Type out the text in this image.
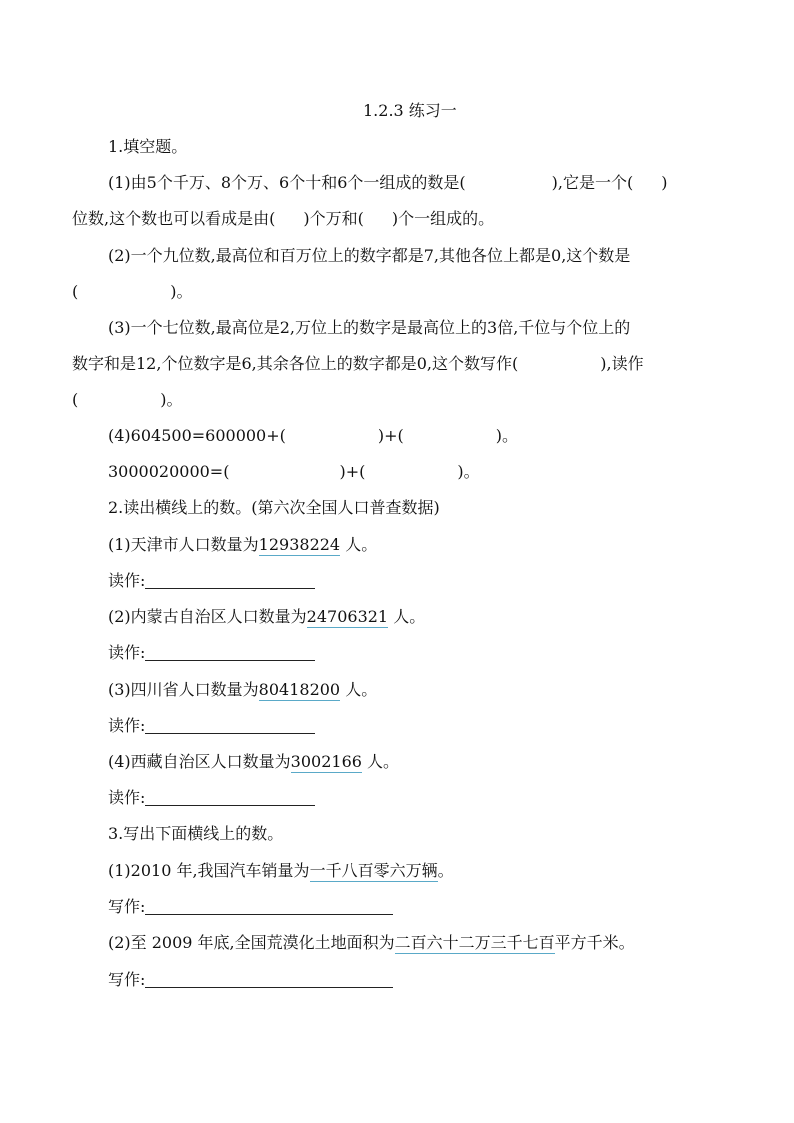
1.2.3 练习一
1.填空题。
(1)由5个千万、8个万、6个十和6个一组成的数是(	),它是一个( )
位数,这个数也可以看成是由( )个万和( )个一组成的。
(2)一个九位数,最高位和百万位上的数字都是7,其他各位上都是0,这个数是
(	)。
(3)一个七位数,最高位是2,万位上的数字是最高位上的3倍,千位与个位上的
数字和是12,个位数字是6,其余各位上的数字都是0,这个数写作(	),读作
(	)。
(4)604500=600000+(	)+(	)。
3000020000=(	)+(	)。
2.读出横线上的数。(第六次全国人口普查数据)
(1)天津市人口数量为12938224 人。
读作:
(2)内蒙古自治区人口数量为24706321 人。
读作:
(3)四川省人口数量为80418200 人。
读作:
(4)西藏自治区人口数量为3002166 人。
读作:
3.写出下面横线上的数。
(1)2010 年,我国汽车销量为一千八百零六万辆。
写作:
(2)至 2009 年底,全国荒漠化土地面积为二百六十二万三千七百平方千米。
写作:
